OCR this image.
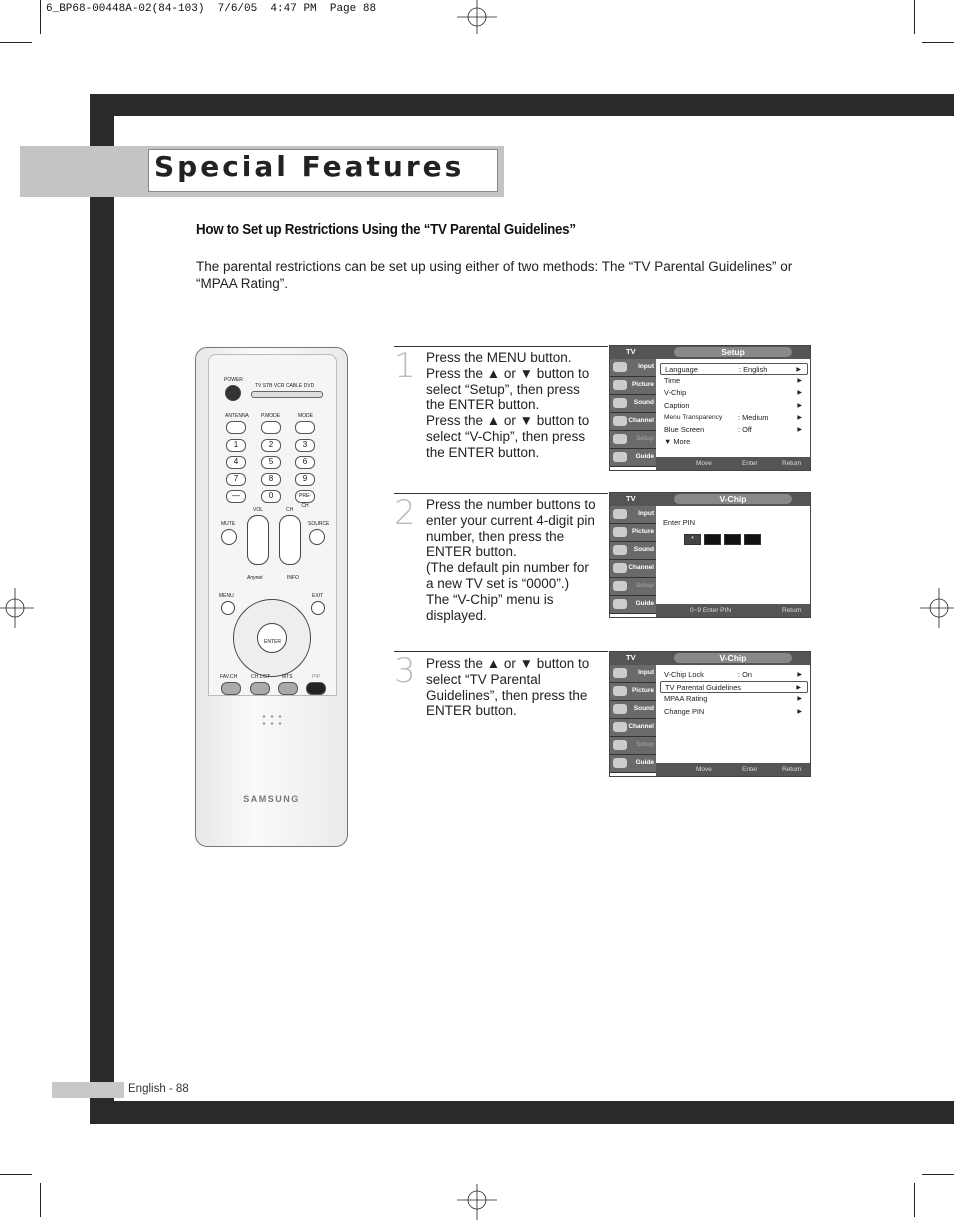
6_BP68-00448A-02(84-103)  7/6/05  4:47 PM  Page 88
Special Features
How to Set up Restrictions Using the “TV Parental Guidelines”
The parental restrictions can be set up using either of two methods: The “TV Parental Guidelines” or “MPAA Rating”.
1 Press the MENU button.
Press the ▲ or ▼ button to
select “Setup”, then press
the ENTER button.
Press the ▲ or ▼ button to
select “V-Chip”, then press
the ENTER button.
2 Press the number buttons to
enter your current 4-digit pin
number, then press the
ENTER button.
(The default pin number for
a new TV set is “0000”.)
The “V-Chip” menu is
displayed.
3 Press the ▲ or ▼ button to
select “TV Parental
Guidelines”, then press the
ENTER button.
POWER
TV STB VCR CABLE DVD
ANTENNA P.MODE	MODE
1	2	3
4	5	6
7	8	9
—	0	PRE-CH
VOL	CH
MUTE	SOURCE
Anynet	INFO
MENU	EXIT
ENTER
FAV.CH	CH.LIST MTS	PIP
SAMSUNG
TV	Setup
Input
Picture
Sound
Channel
Setup
Guide
Language	: English	▶
Time	▶
V-Chip	▶
Caption	▶
Menu Transparency : Medium	▶
Blue Screen	: Off	▶
▼ More
Move	Enter	Return
TV	V-Chip
Input
Picture
Sound
Channel
Setup
Guide
Enter PIN
*
0~9 Enter PIN	Return
TV	V-Chip
Input
Picture
Sound
Channel
Setup
Guide
V-Chip Lock	: On	▶
TV Parental Guidelines	▶
MPAA Rating	▶
Change PIN	▶
Move	Enter	Return
English - 88
